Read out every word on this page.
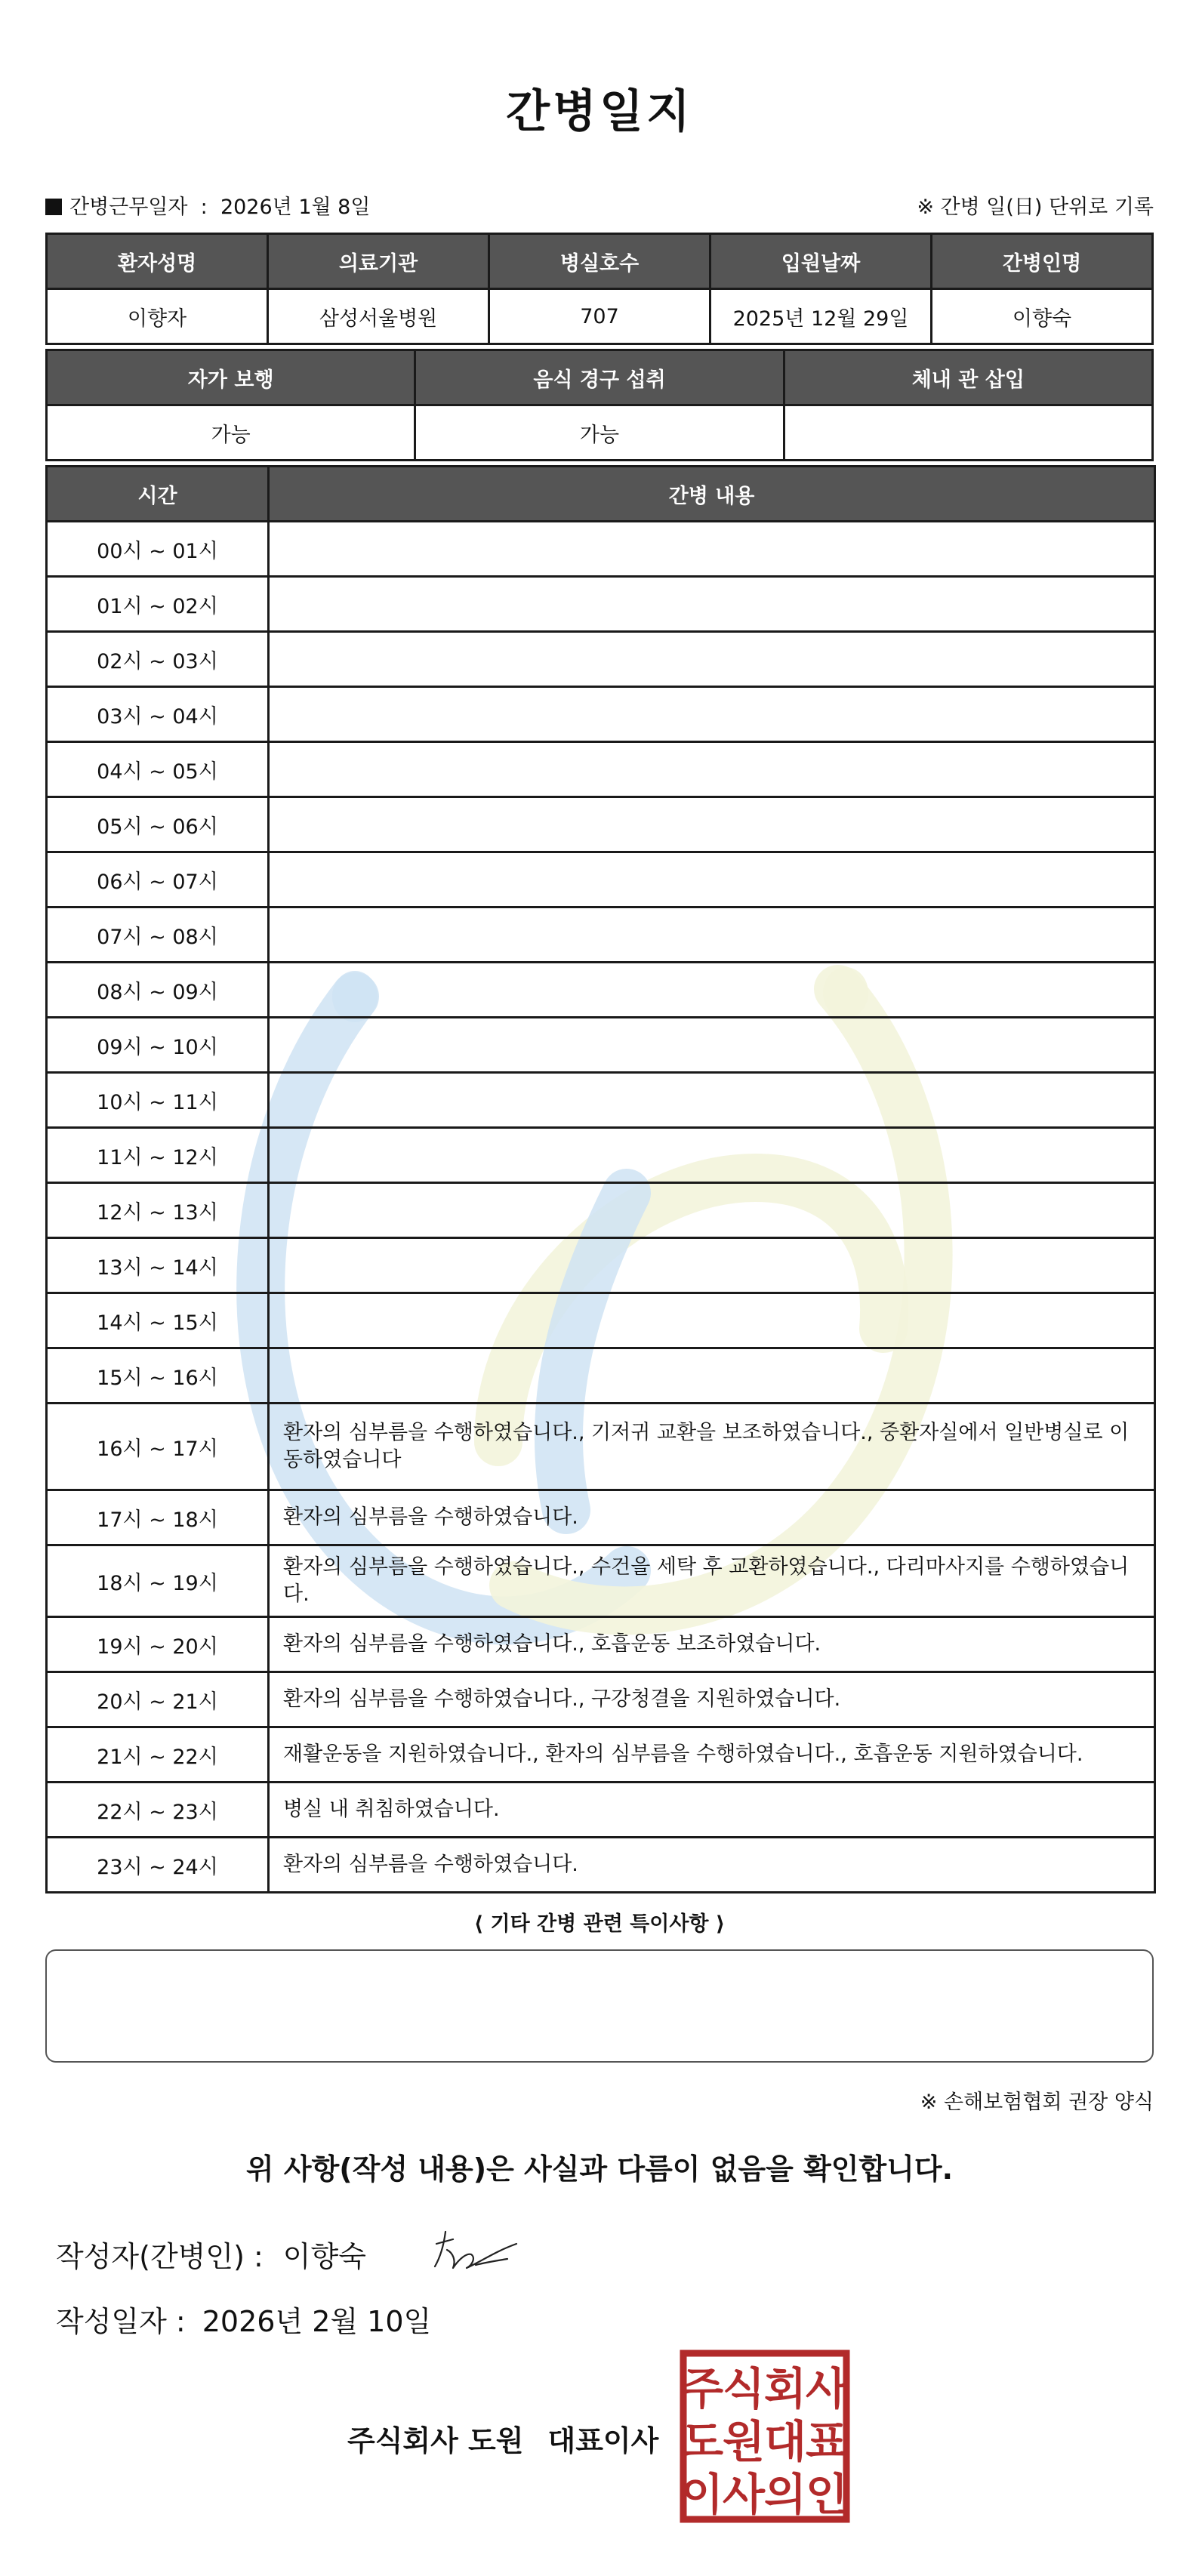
간병일지
간병근무일자  :  2026년 1월 8일	※ 간병 일(日) 단위로 기록
환자성명	의료기관	병실호수	입원날짜	간병인명
이향자	삼성서울병원	707	2025년 12월 29일	이향숙
자가 보행	음식 경구 섭취	체내 관 삽입
가능	가능	
시간	간병 내용
00시 ~ 01시	
01시 ~ 02시	
02시 ~ 03시	
03시 ~ 04시	
04시 ~ 05시	
05시 ~ 06시	
06시 ~ 07시	
07시 ~ 08시	
08시 ~ 09시	
09시 ~ 10시	
10시 ~ 11시	
11시 ~ 12시	
12시 ~ 13시	
13시 ~ 14시	
14시 ~ 15시	
15시 ~ 16시	
16시 ~ 17시	환자의 심부름을 수행하였습니다., 기저귀 교환을 보조하였습니다., 중환자실에서 일반병실로 이동하였습니다
17시 ~ 18시	환자의 심부름을 수행하였습니다.
18시 ~ 19시	환자의 심부름을 수행하였습니다., 수건을 세탁 후 교환하였습니다., 다리마사지를 수행하였습니다.
19시 ~ 20시	환자의 심부름을 수행하였습니다., 호흡운동 보조하였습니다.
20시 ~ 21시	환자의 심부름을 수행하였습니다., 구강청결을 지원하였습니다.
21시 ~ 22시	재활운동을 지원하였습니다., 환자의 심부름을 수행하였습니다., 호흡운동 지원하였습니다.
22시 ~ 23시	병실 내 취침하였습니다.
23시 ~ 24시	환자의 심부름을 수행하였습니다.
⟨ 기타 간병 관련 특이사항 ⟩
※ 손해보험협회 권장 양식
위 사항(작성 내용)은 사실과 다름이 없음을 확인합니다.
작성자(간병인) : 이향숙
작성일자 : 2026년 2월 10일
주식회사 도원 대표이사
주
식
회
사
도
원
대
표
이
사
의
인
